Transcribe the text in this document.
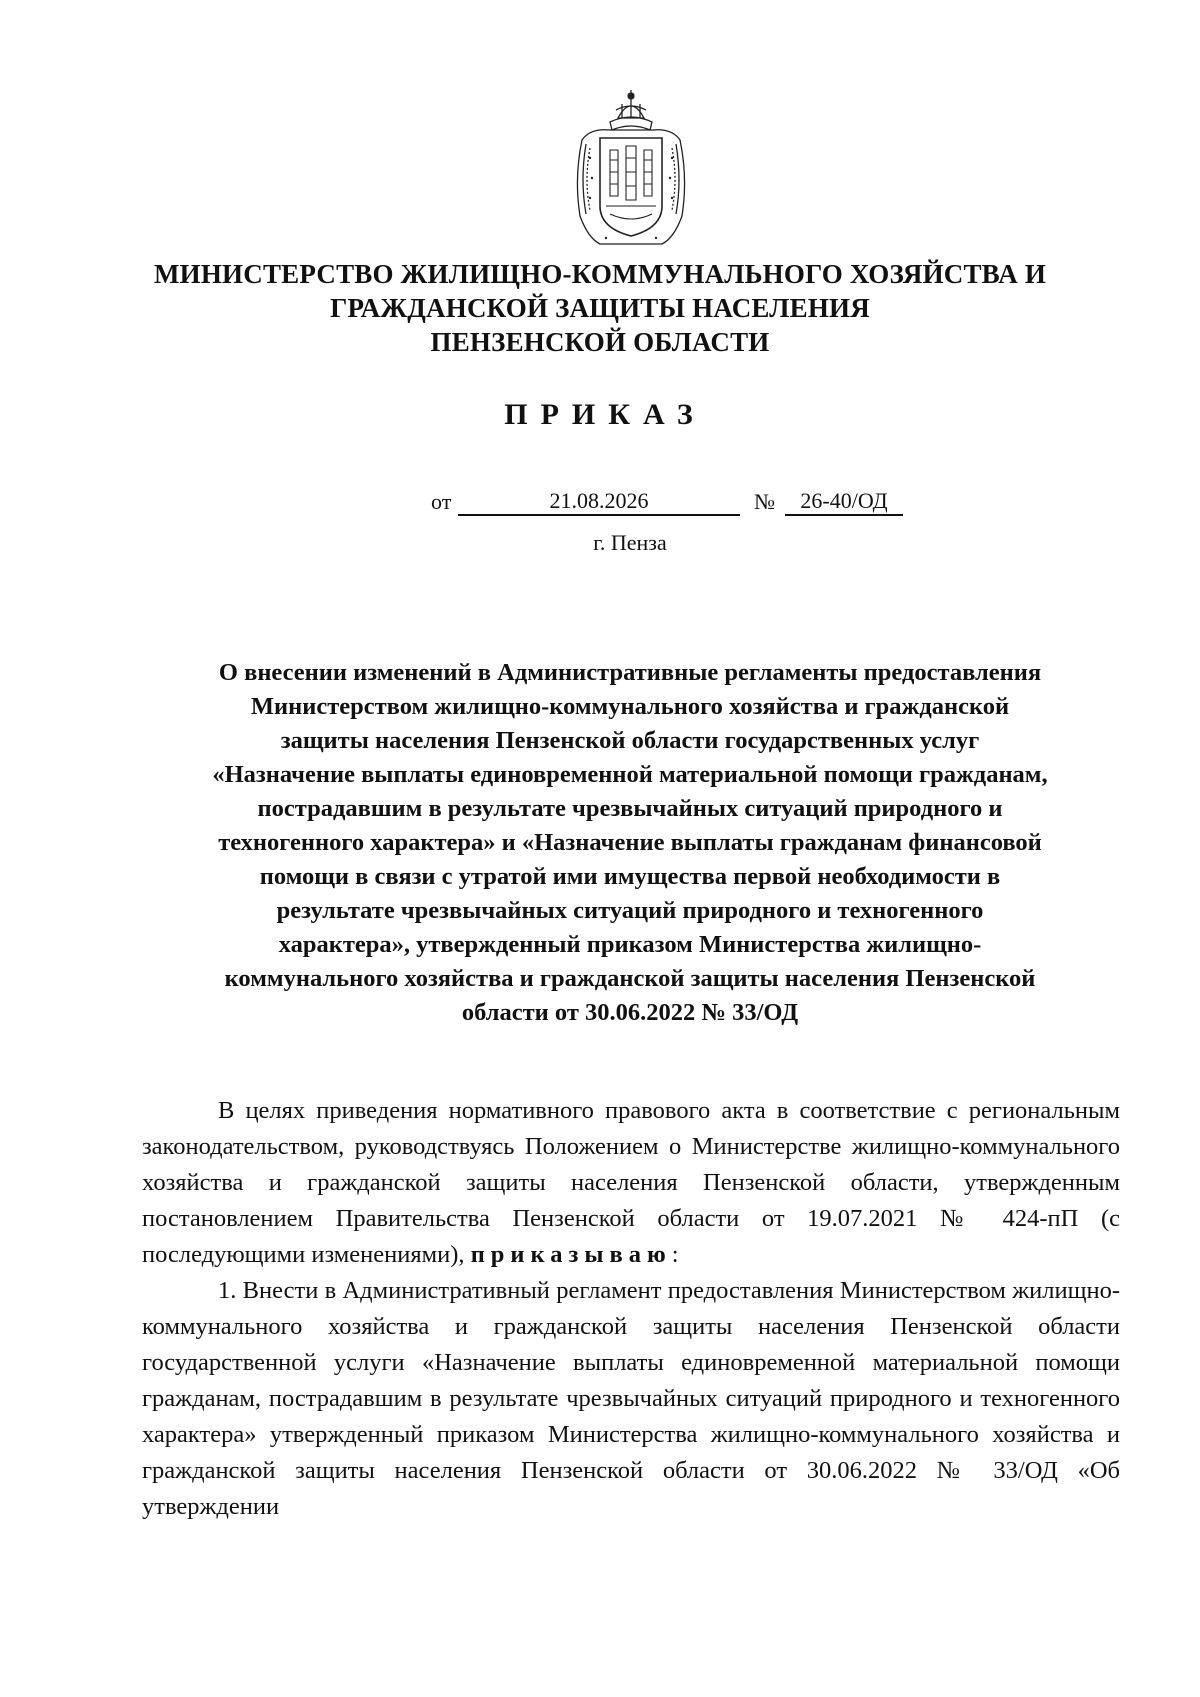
МИНИСТЕРСТВО ЖИЛИЩНО-КОММУНАЛЬНОГО ХОЗЯЙСТВА И
ГРАЖДАНСКОЙ ЗАЩИТЫ НАСЕЛЕНИЯ
ПЕНЗЕНСКОЙ ОБЛАСТИ
ПРИКАЗ
от	21.08.2026	№	26-40/ОД
г. Пенза
О внесении изменений в Административные регламенты предоставления
Министерством жилищно-коммунального хозяйства и гражданской
защиты населения Пензенской области государственных услуг
«Назначение выплаты единовременной материальной помощи гражданам,
пострадавшим в результате чрезвычайных ситуаций природного и
техногенного характера» и «Назначение выплаты гражданам финансовой
помощи в связи с утратой ими имущества первой необходимости в
результате чрезвычайных ситуаций природного и техногенного
характера», утвержденный приказом Министерства жилищно-
коммунального хозяйства и гражданской защиты населения Пензенской
области от 30.06.2022 № 33/ОД

В целях приведения нормативного правового акта в соответствие с региональным законодательством, руководствуясь Положением о Министерстве жилищно-коммунального хозяйства и гражданской защиты населения Пензенской области, утвержденным постановлением Правительства Пензенской области от 19.07.2021 № 424-пП (с последующими изменениями), приказываю:

1. Внести в Административный регламент предоставления Министерством жилищно-коммунального хозяйства и гражданской защиты населения Пензенской области государственной услуги «Назначение выплаты единовременной материальной помощи гражданам, пострадавшим в результате чрезвычайных ситуаций природного и техногенного характера» утвержденный приказом Министерства жилищно-коммунального хозяйства и гражданской защиты населения Пензенской области от 30.06.2022 № 33/ОД «Об утверждении
